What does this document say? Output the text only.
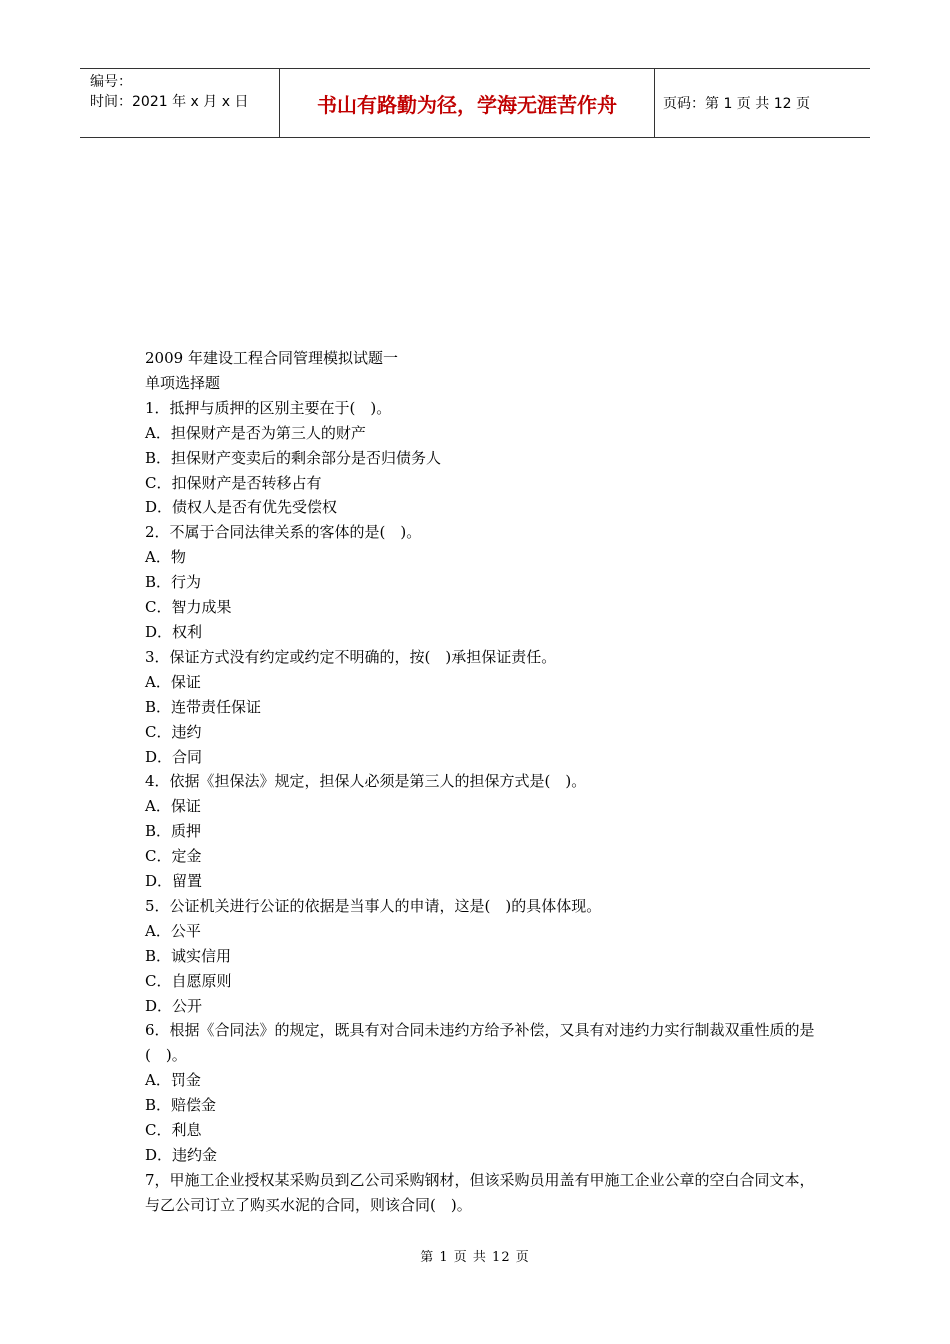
编号：
时间：2021 年 x 月 x 日	书山有路勤为径，学海无涯苦作舟	页码：第 1 页 共 12 页

2009 年建设工程合同管理模拟试题一

单项选择题

1．抵押与质押的区别主要在于(　)。

A．担保财产是否为第三人的财产

B．担保财产变卖后的剩余部分是否归债务人

C．扣保财产是否转移占有

D．债权人是否有优先受偿权

2．不属于合同法律关系的客体的是(　)。

A．物

B．行为

C．智力成果

D．权利

3．保证方式没有约定或约定不明确的，按(　)承担保证责任。

A．保证

B．连带责任保证

C．违约

D．合同

4．依据《担保法》规定，担保人必须是第三人的担保方式是(　)。

A．保证

B．质押

C．定金

D．留置

5．公证机关进行公证的依据是当事人的申请，这是(　)的具体体现。

A．公平

B．诚实信用

C．自愿原则

D．公开

6．根据《合同法》的规定，既具有对合同未违约方给予补偿，又具有对违约力实行制裁双重性质的是(　)。

A．罚金

B．赔偿金

C．利息

D．违约金

7，甲施工企业授权某采购员到乙公司采购钢材，但该采购员用盖有甲施工企业公章的空白合同文本，与乙公司订立了购买水泥的合同，则该合同(　)。

第 1 页 共 12 页
